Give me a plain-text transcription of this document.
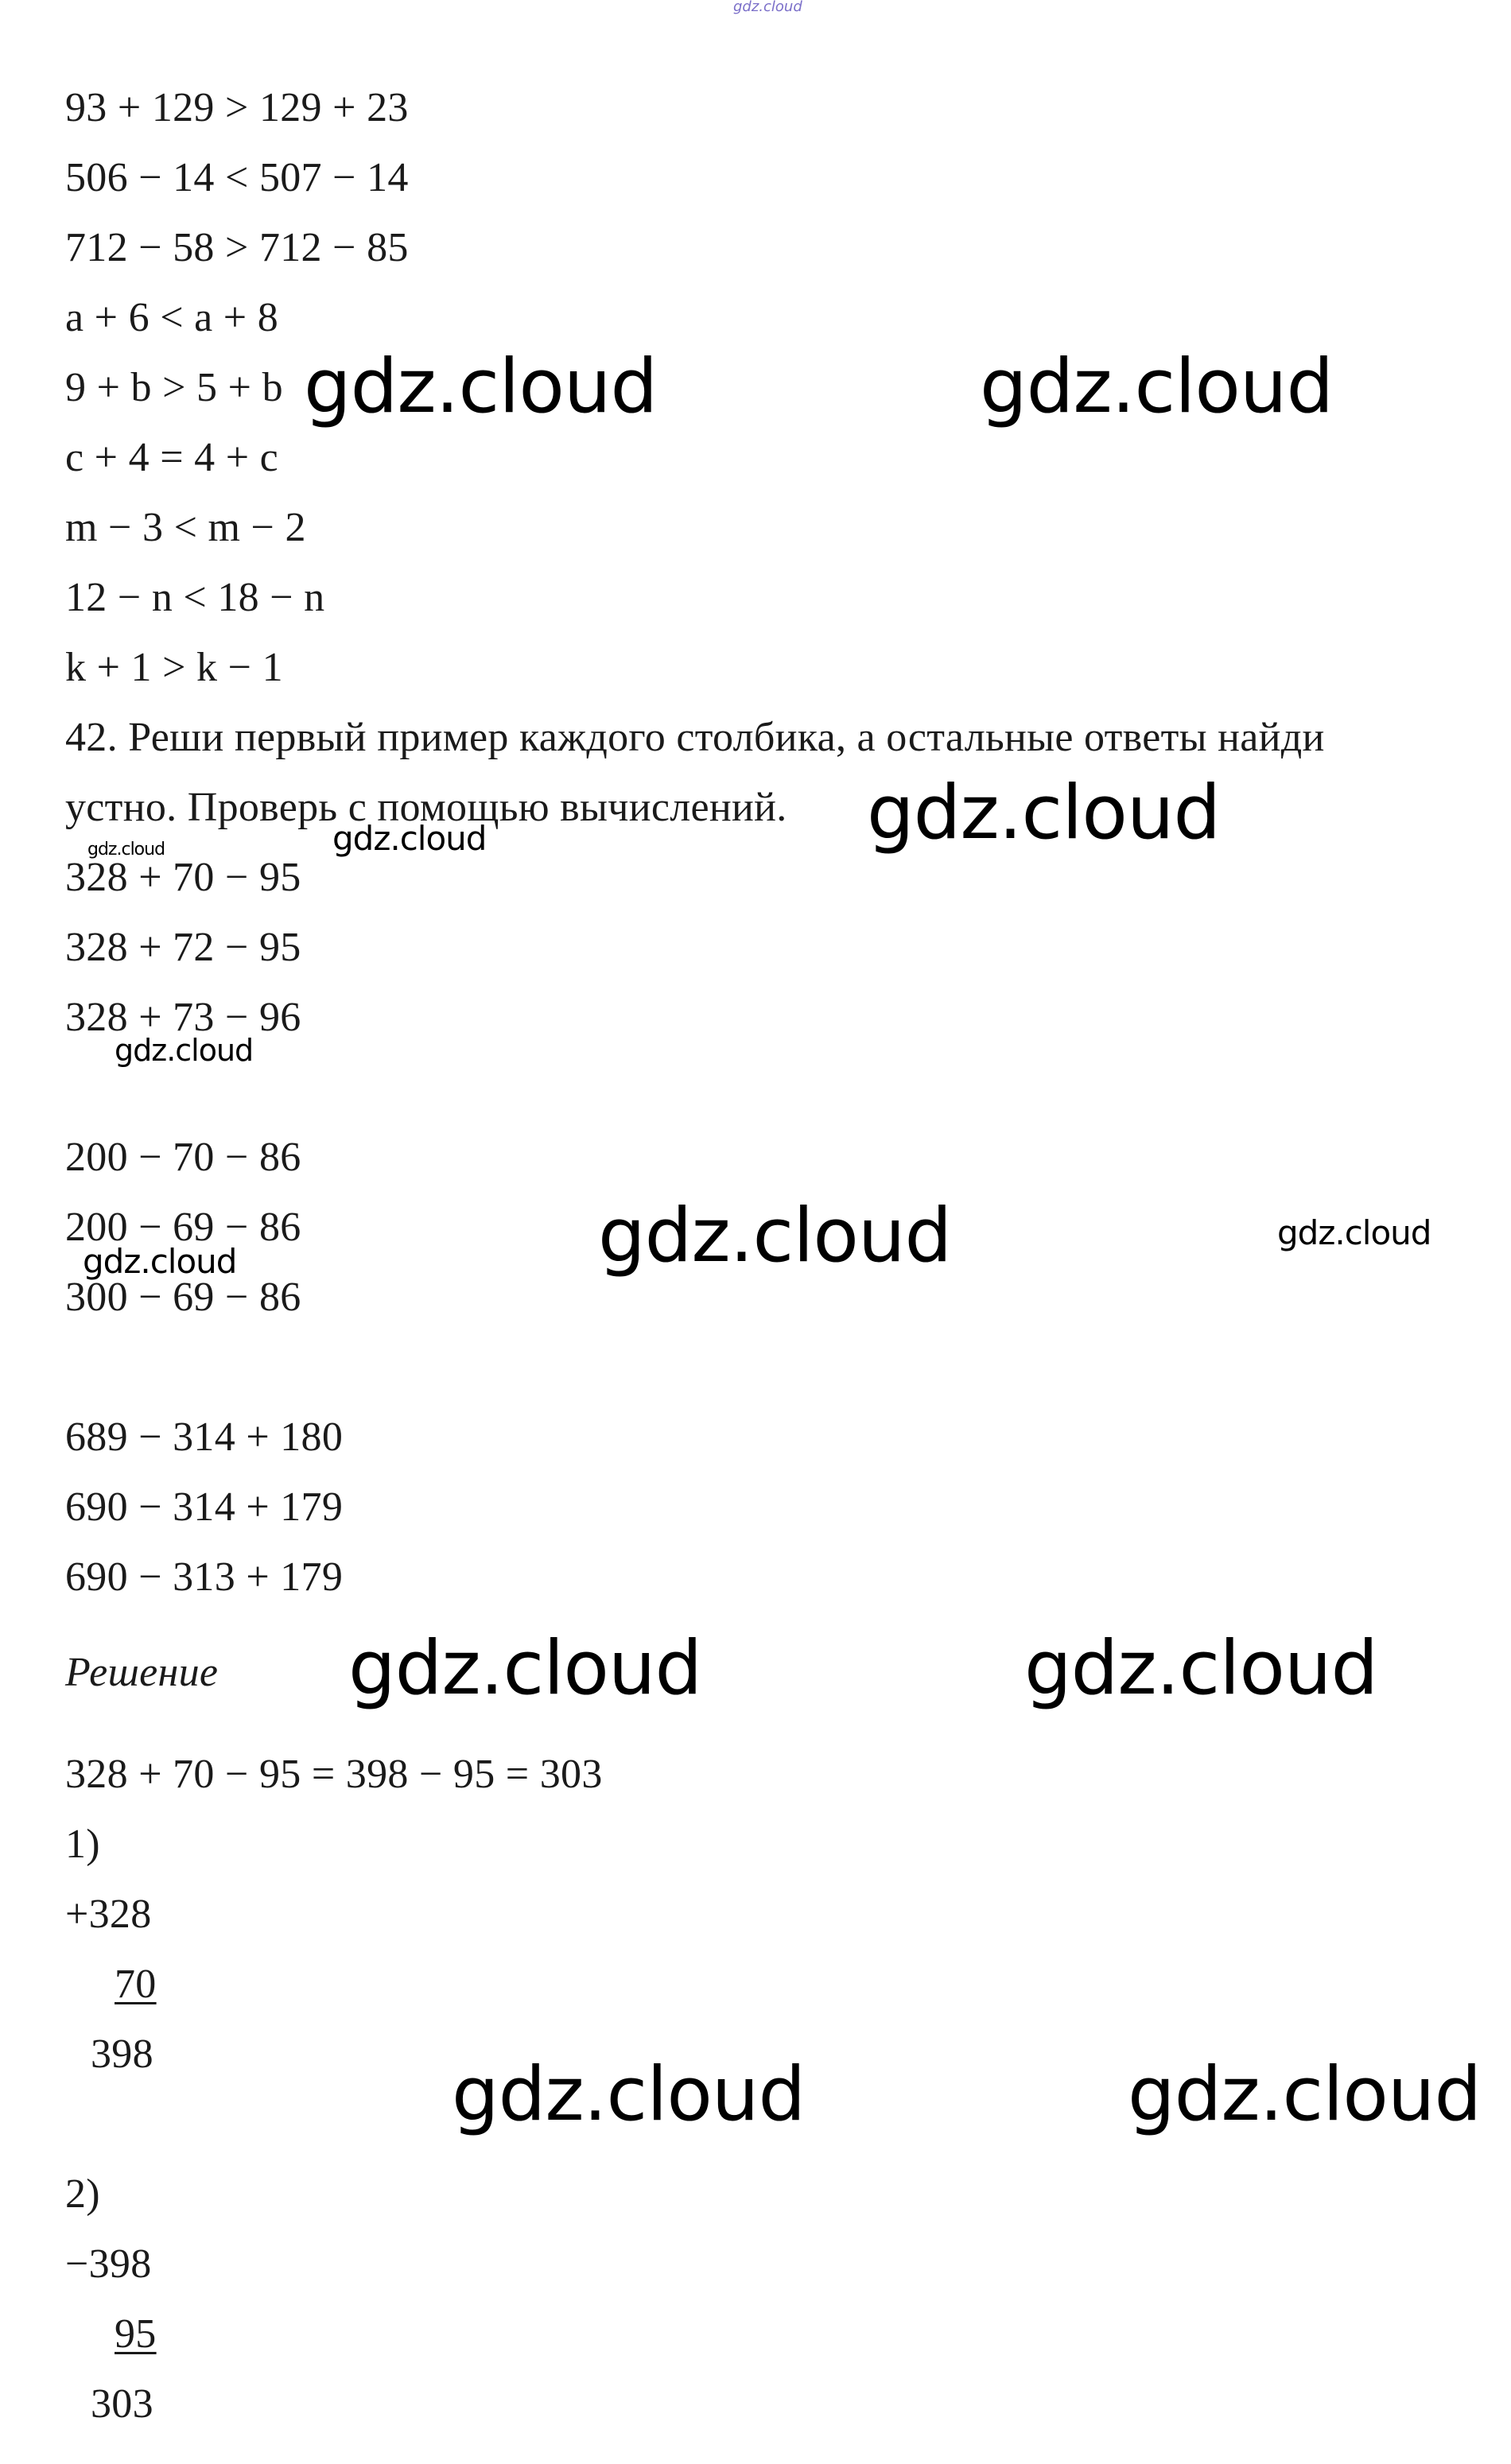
gdz.cloud

93 + 129 > 129 + 23

506 − 14 < 507 − 14

712 − 58 > 712 − 85

a + 6 < a + 8

9 + b > 5 + b

c + 4 = 4 + c

m − 3 < m − 2

12 − n < 18 − n

k + 1 > k − 1

42. Реши первый пример каждого столбика, а остальные ответы найди

устно. Проверь с помощью вычислений.

328 + 70 − 95

328 + 72 − 95

328 + 73 − 96

200 − 70 − 86

200 − 69 − 86

300 − 69 − 86

689 − 314 + 180

690 − 314 + 179

690 − 313 + 179

Решение

328 + 70 − 95 = 398 − 95 = 303

1)

+328

70

398

2)

−398

95

303

gdz.cloud	gdz.cloud
gdz.cloud
gdz.cloud
gdz.cloud
gdz.cloud
gdz.cloud
gdz.cloud
gdz.cloud
gdz.cloud	gdz.cloud
gdz.cloud	gdz.cloud
